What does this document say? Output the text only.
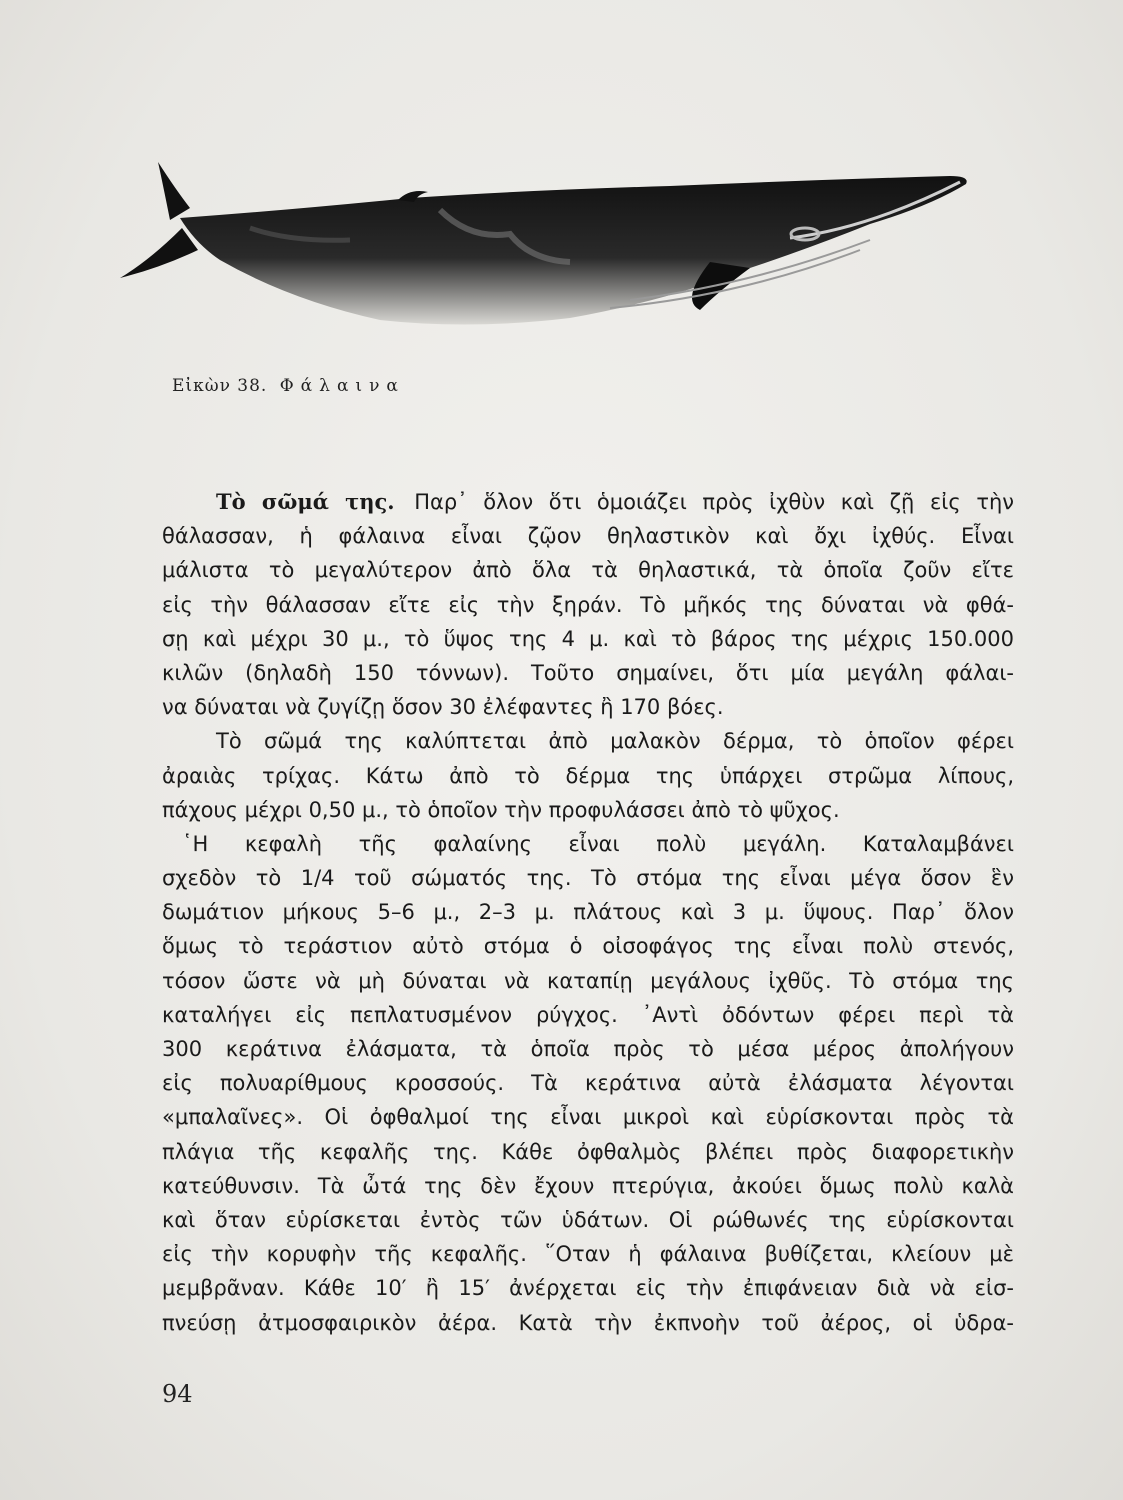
Εἰκὼν 38. Φάλαινα
Τὸ σῶμά της. Παρ᾿ ὅλον ὅτι ὁμοιάζει πρὸς ἰχθὺν καὶ ζῇ εἰς τὴν
θάλασσαν, ἡ φάλαινα εἶναι ζῷον θηλαστικὸν καὶ ὄχι ἰχθύς. Εἶναι
μάλιστα τὸ μεγαλύτερον ἀπὸ ὅλα τὰ θηλαστικά, τὰ ὁποῖα ζοῦν εἴτε
εἰς τὴν θάλασσαν εἴτε εἰς τὴν ξηράν. Τὸ μῆκός της δύναται νὰ φθά-
σῃ καὶ μέχρι 30 μ., τὸ ὕψος της 4 μ. καὶ τὸ βάρος της μέχρις 150.000
κιλῶν (δηλαδὴ 150 τόννων). Τοῦτο σημαίνει, ὅτι μία μεγάλη φάλαι-
να δύναται νὰ ζυγίζῃ ὅσον 30 ἐλέφαντες ἢ 170 βόες.
Τὸ σῶμά της καλύπτεται ἀπὸ μαλακὸν δέρμα, τὸ ὁποῖον φέρει
ἀραιὰς τρίχας. Κάτω ἀπὸ τὸ δέρμα της ὑπάρχει στρῶμα λίπους,
πάχους μέχρι 0,50 μ., τὸ ὁποῖον τὴν προφυλάσσει ἀπὸ τὸ ψῦχος.
῾Η κεφαλὴ τῆς φαλαίνης εἶναι πολὺ μεγάλη. Καταλαμβάνει
σχεδὸν τὸ 1/4 τοῦ σώματός της. Τὸ στόμα της εἶναι μέγα ὅσον ἓν
δωμάτιον μήκους 5–6 μ., 2–3 μ. πλάτους καὶ 3 μ. ὕψους. Παρ᾿ ὅλον
ὅμως τὸ τεράστιον αὐτὸ στόμα ὁ οἰσοφάγος της εἶναι πολὺ στενός,
τόσον ὥστε νὰ μὴ δύναται νὰ καταπίῃ μεγάλους ἰχθῦς. Τὸ στόμα της
καταλήγει εἰς πεπλατυσμένον ρύγχος. ᾿Αντὶ ὀδόντων φέρει περὶ τὰ
300 κεράτινα ἐλάσματα, τὰ ὁποῖα πρὸς τὸ μέσα μέρος ἀπολήγουν
εἰς πολυαρίθμους κροσσούς. Τὰ κεράτινα αὐτὰ ἐλάσματα λέγονται
«μπαλαῖνες». Οἱ ὀφθαλμοί της εἶναι μικροὶ καὶ εὑρίσκονται πρὸς τὰ
πλάγια τῆς κεφαλῆς της. Κάθε ὀφθαλμὸς βλέπει πρὸς διαφορετικὴν
κατεύθυνσιν. Τὰ ὦτά της δὲν ἔχουν πτερύγια, ἀκούει ὅμως πολὺ καλὰ
καὶ ὅταν εὑρίσκεται ἐντὸς τῶν ὑδάτων. Οἱ ρώθωνές της εὑρίσκονται
εἰς τὴν κορυφὴν τῆς κεφαλῆς. ῞Οταν ἡ φάλαινα βυθίζεται, κλείουν μὲ
μεμβρᾶναν. Κάθε 10′ ἢ 15′ ἀνέρχεται εἰς τὴν ἐπιφάνειαν διὰ νὰ εἰσ-
πνεύσῃ ἀτμοσφαιρικὸν ἀέρα. Κατὰ τὴν ἐκπνοὴν τοῦ ἀέρος, οἱ ὑδρα-
94
